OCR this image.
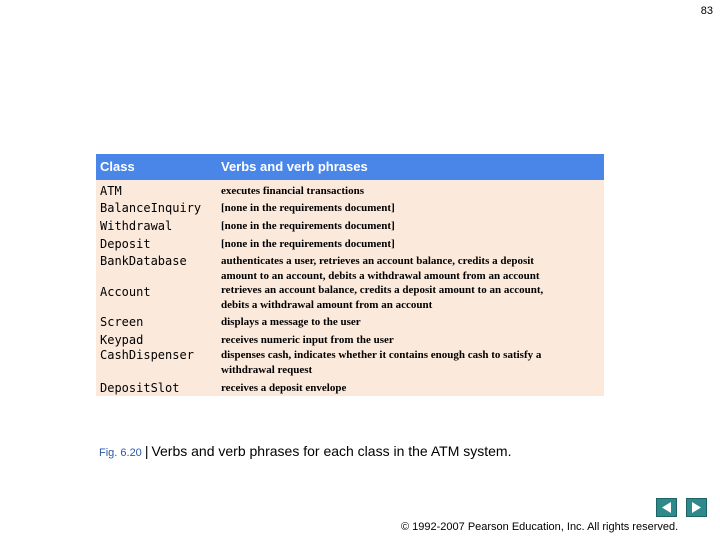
83
Class	Verbs and verb phrases
ATM	executes financial transactions
BalanceInquiry [none in the requirements document]
Withdrawal	[none in the requirements document]
Deposit	[none in the requirements document]
BankDatabase	authenticates a user, retrieves an account balance, credits a deposit
amount to an account, debits a withdrawal amount from an account
Account	retrieves an account balance, credits a deposit amount to an account,
debits a withdrawal amount from an account
Screen	displays a message to the user
Keypad	receives numeric input from the user
CashDispenser dispenses cash, indicates whether it contains enough cash to satisfy a
withdrawal request
DepositSlot	receives a deposit envelope
Fig. 6.20 | Verbs and verb phrases for each class in the ATM system.
© 1992-2007 Pearson Education, Inc. All rights reserved.
